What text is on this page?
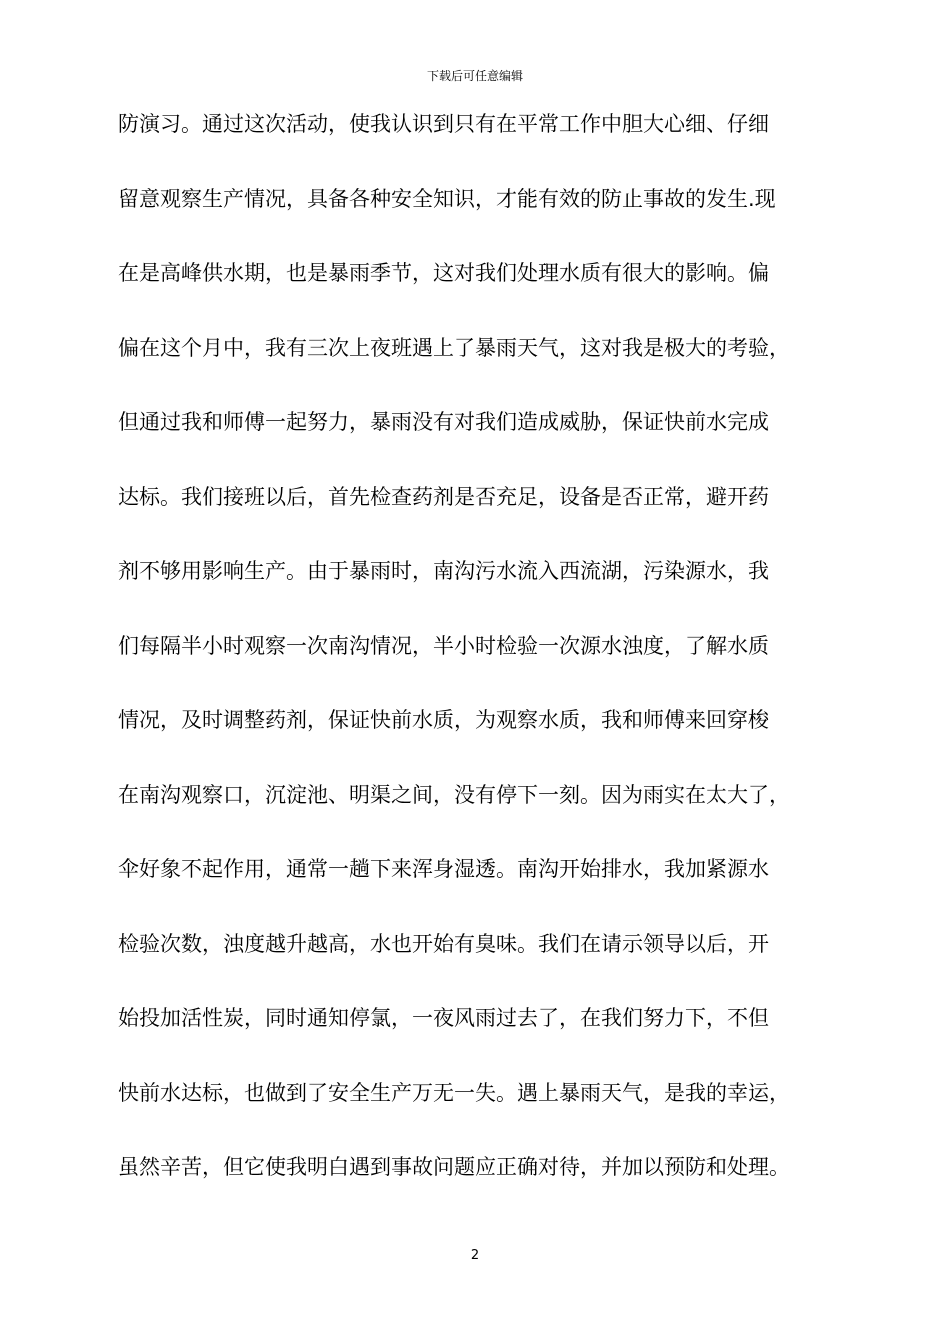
下载后可任意编辑
防演习。通过这次活动，使我认识到只有在平常工作中胆大心细、仔细
留意观察生产情况，具备各种安全知识，才能有效的防止事故的发生.现
在是高峰供水期，也是暴雨季节，这对我们处理水质有很大的影响。偏
偏在这个月中，我有三次上夜班遇上了暴雨天气，这对我是极大的考验，
但通过我和师傅一起努力，暴雨没有对我们造成威胁，保证快前水完成
达标。我们接班以后，首先检查药剂是否充足，设备是否正常，避开药
剂不够用影响生产。由于暴雨时，南沟污水流入西流湖，污染源水，我
们每隔半小时观察一次南沟情况，半小时检验一次源水浊度，了解水质
情况，及时调整药剂，保证快前水质，为观察水质，我和师傅来回穿梭
在南沟观察口，沉淀池、明渠之间，没有停下一刻。因为雨实在太大了，
伞好象不起作用，通常一趟下来浑身湿透。南沟开始排水，我加紧源水
检验次数，浊度越升越高，水也开始有臭味。我们在请示领导以后，开
始投加活性炭，同时通知停氯，一夜风雨过去了，在我们努力下，不但
快前水达标，也做到了安全生产万无一失。遇上暴雨天气，是我的幸运，
虽然辛苦，但它使我明白遇到事故问题应正确对待，并加以预防和处理。
2
